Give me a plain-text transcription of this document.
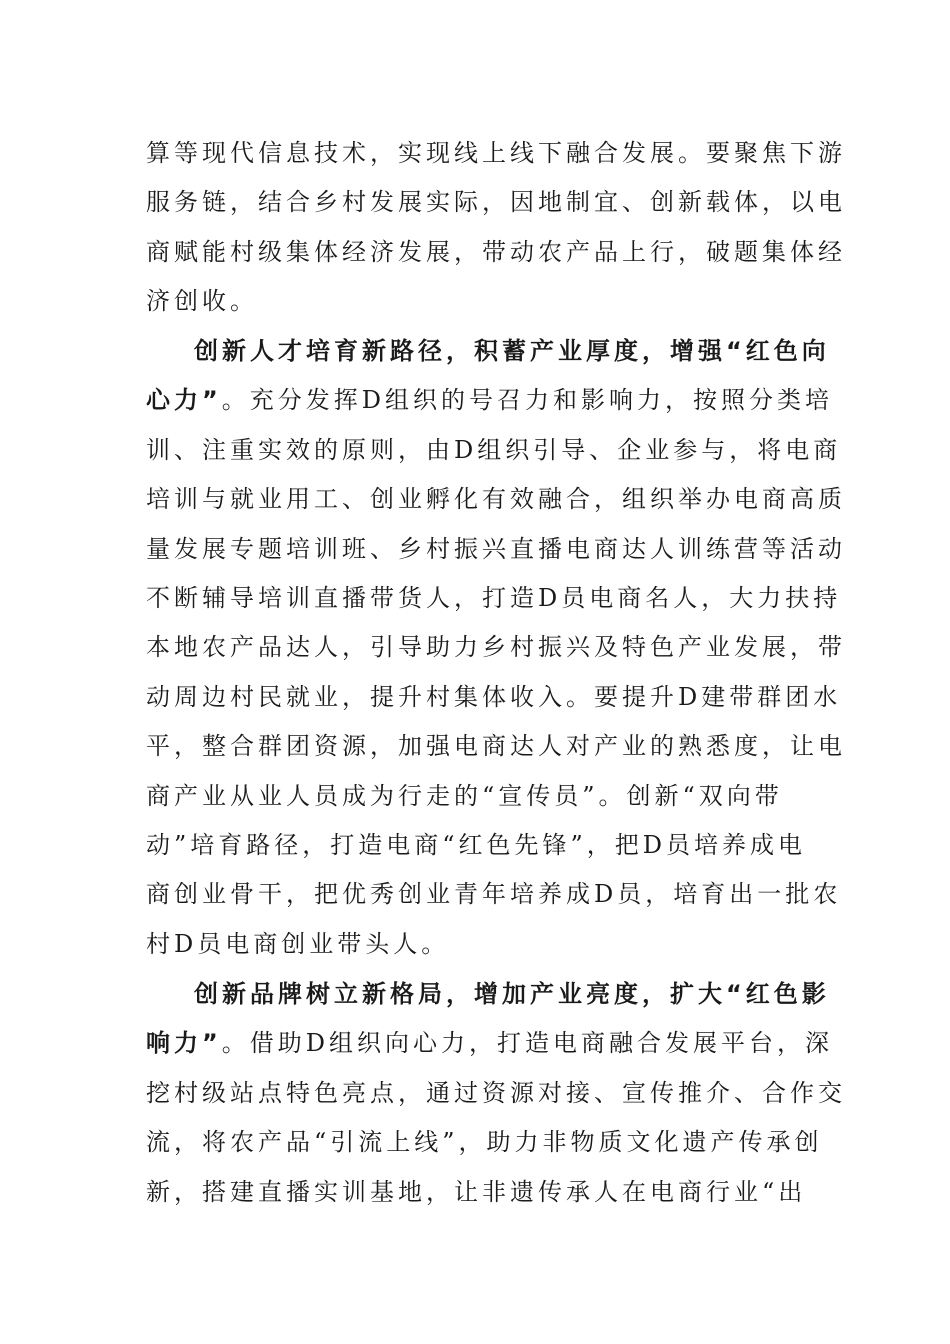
算等现代信息技术，实现线上线下融合发展。要聚焦下游
服务链，结合乡村发展实际，因地制宜、创新载体，以电
商赋能村级集体经济发展，带动农产品上行，破题集体经
济创收。
创新人才培育新路径，积蓄产业厚度，增强“红色向
心力”。充分发挥D组织的号召力和影响力，按照分类培
训、注重实效的原则，由D组织引导、企业参与，将电商
培训与就业用工、创业孵化有效融合，组织举办电商高质
量发展专题培训班、乡村振兴直播电商达人训练营等活动
不断辅导培训直播带货人，打造D员电商名人，大力扶持
本地农产品达人，引导助力乡村振兴及特色产业发展，带
动周边村民就业，提升村集体收入。要提升D建带群团水
平，整合群团资源，加强电商达人对产业的熟悉度，让电
商产业从业人员成为行走的“宣传员”。创新“双向带
动”培育路径，打造电商“红色先锋”，把D员培养成电
商创业骨干，把优秀创业青年培养成D员，培育出一批农
村D员电商创业带头人。
创新品牌树立新格局，增加产业亮度，扩大“红色影
响力”。借助D组织向心力，打造电商融合发展平台，深
挖村级站点特色亮点，通过资源对接、宣传推介、合作交
流，将农产品“引流上线”，助力非物质文化遗产传承创
新，搭建直播实训基地，让非遗传承人在电商行业“出
